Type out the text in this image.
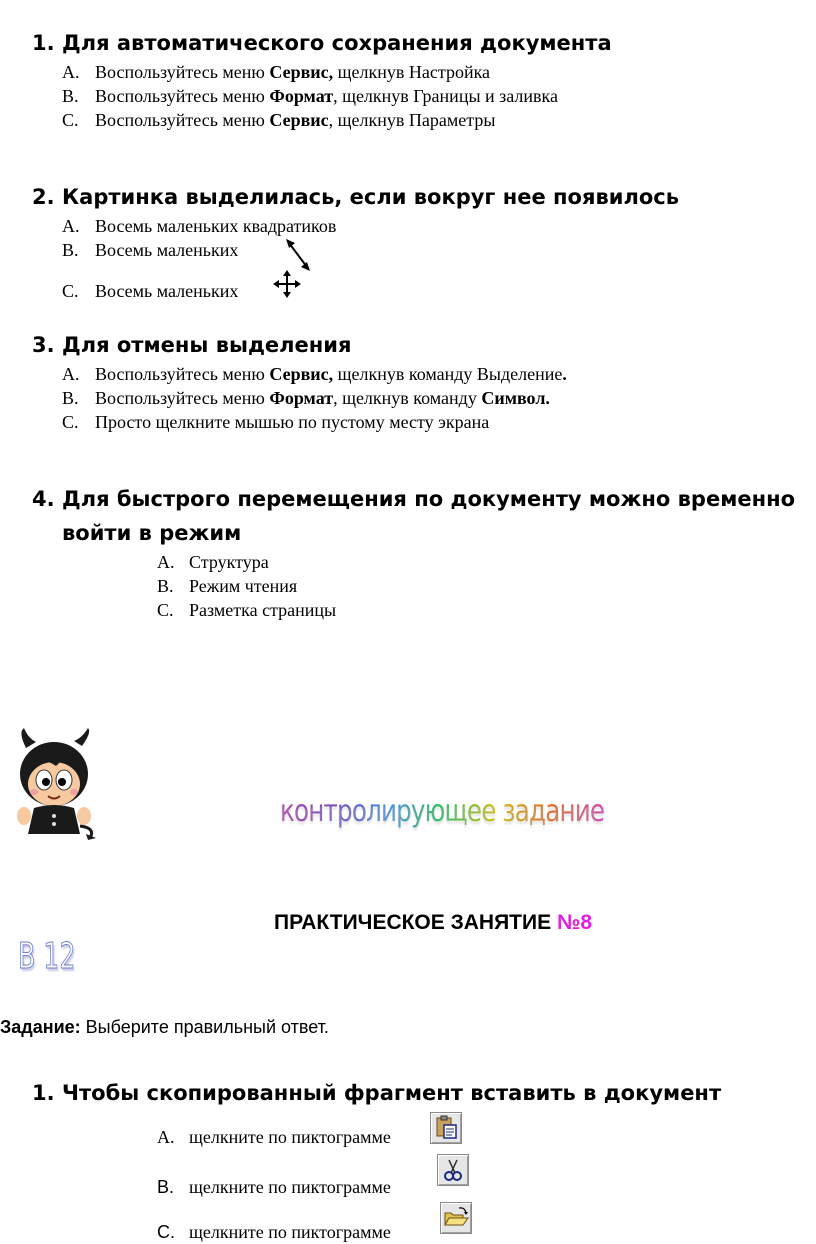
1. Для автоматического сохранения документа
A. Воспользуйтесь меню Сервис, щелкнув Настройка
B. Воспользуйтесь меню Формат, щелкнув Границы и заливка
C. Воспользуйтесь меню Сервис, щелкнув Параметры
2. Картинка выделилась, если вокруг нее появилось
A. Восемь маленьких квадратиков
B. Восемь маленьких
C. Восемь маленьких
3. Для отмены выделения
A. Воспользуйтесь меню Сервис, щелкнув команду Выделение.
B. Воспользуйтесь меню Формат, щелкнув команду Символ.
C. Просто щелкните мышью по пустому месту экрана
4. Для быстрого перемещения по документу можно временно
войти в режим
A. Структура
B. Режим чтения
C. Разметка страницы
контролирующее задание
ПРАКТИЧЕСКОЕ ЗАНЯТИЕ №8
В 12
Задание: Выберите правильный ответ.
1. Чтобы скопированный фрагмент вставить в документ
A. щелкните по пиктограмме
B. щелкните по пиктограмме
C. щелкните по пиктограмме
